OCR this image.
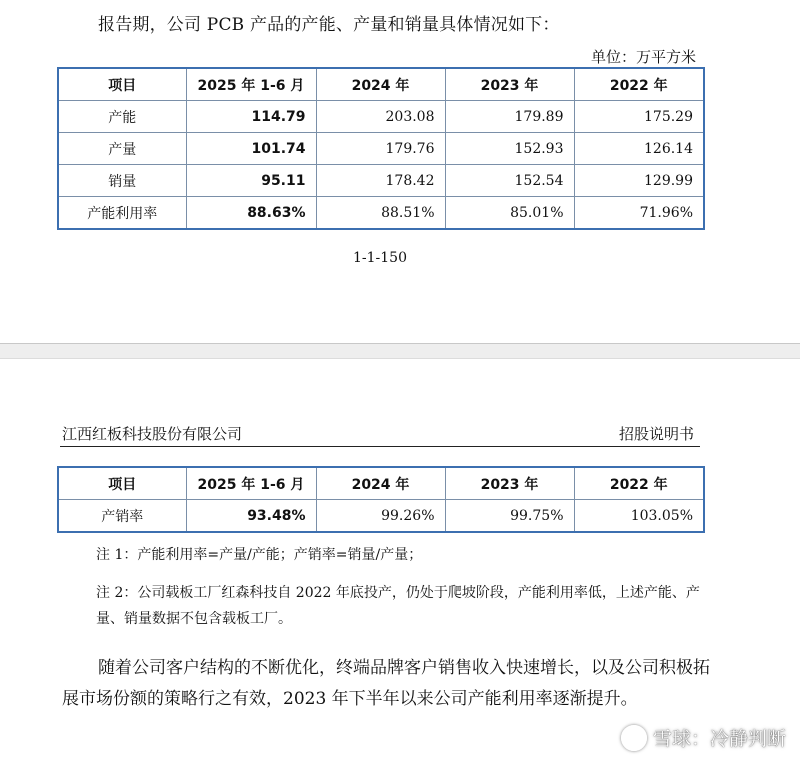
报告期，公司 PCB 产品的产能、产量和销量具体情况如下：
单位：万平方米
项目	2025 年 1-6 月	2024 年	2023 年	2022 年
产能	114.79	203.08	179.89	175.29
产量	101.74	179.76	152.93	126.14
销量	95.11	178.42	152.54	129.99
产能利用率	88.63%	88.51%	85.01%	71.96%
1-1-150
江西红板科技股份有限公司	招股说明书
项目	2025 年 1-6 月	2024 年	2023 年	2022 年
产销率	93.48%	99.26%	99.75%	103.05%
注 1：产能利用率=产量/产能；产销率=销量/产量；
注 2：公司载板工厂红森科技自 2022 年底投产，仍处于爬坡阶段，产能利用率低，上述产能、产量、销量数据不包含载板工厂。
随着公司客户结构的不断优化，终端品牌客户销售收入快速增长，以及公司积极拓展市场份额的策略行之有效，2023 年下半年以来公司产能利用率逐渐提升。
雪球：冷静判断
